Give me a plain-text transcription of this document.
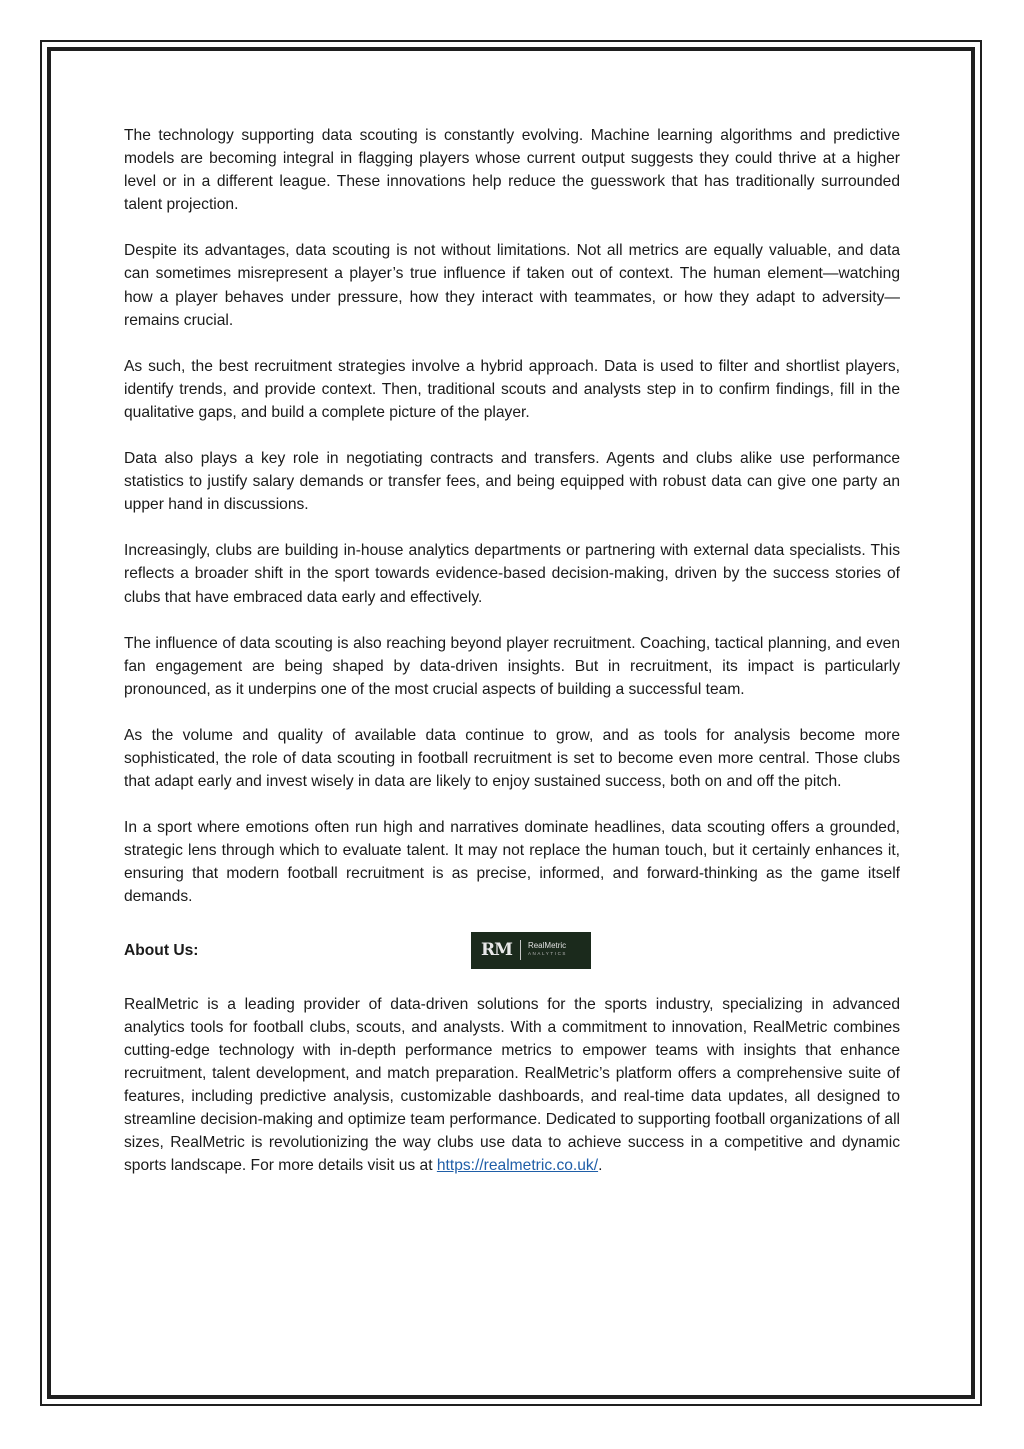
The technology supporting data scouting is constantly evolving. Machine learning algorithms and predictive models are becoming integral in flagging players whose current output suggests they could thrive at a higher level or in a different league. These innovations help reduce the guesswork that has traditionally surrounded talent projection.

Despite its advantages, data scouting is not without limitations. Not all metrics are equally valuable, and data can sometimes misrepresent a player’s true influence if taken out of context. The human element—watching how a player behaves under pressure, how they interact with teammates, or how they adapt to adversity—remains crucial.

As such, the best recruitment strategies involve a hybrid approach. Data is used to filter and shortlist players, identify trends, and provide context. Then, traditional scouts and analysts step in to confirm findings, fill in the qualitative gaps, and build a complete picture of the player.

Data also plays a key role in negotiating contracts and transfers. Agents and clubs alike use performance statistics to justify salary demands or transfer fees, and being equipped with robust data can give one party an upper hand in discussions.

Increasingly, clubs are building in-house analytics departments or partnering with external data specialists. This reflects a broader shift in the sport towards evidence-based decision-making, driven by the success stories of clubs that have embraced data early and effectively.

The influence of data scouting is also reaching beyond player recruitment. Coaching, tactical planning, and even fan engagement are being shaped by data-driven insights. But in recruitment, its impact is particularly pronounced, as it underpins one of the most crucial aspects of building a successful team.

As the volume and quality of available data continue to grow, and as tools for analysis become more sophisticated, the role of data scouting in football recruitment is set to become even more central. Those clubs that adapt early and invest wisely in data are likely to enjoy sustained success, both on and off the pitch.

In a sport where emotions often run high and narratives dominate headlines, data scouting offers a grounded, strategic lens through which to evaluate talent. It may not replace the human touch, but it certainly enhances it, ensuring that modern football recruitment is as precise, informed, and forward-thinking as the game itself demands.

About Us:	RM RealMetric
ANALYTICS

RealMetric is a leading provider of data-driven solutions for the sports industry, specializing in advanced analytics tools for football clubs, scouts, and analysts. With a commitment to innovation, RealMetric combines cutting-edge technology with in-depth performance metrics to empower teams with insights that enhance recruitment, talent development, and match preparation. RealMetric’s platform offers a comprehensive suite of features, including predictive analysis, customizable dashboards, and real-time data updates, all designed to streamline decision-making and optimize team performance. Dedicated to supporting football organizations of all sizes, RealMetric is revolutionizing the way clubs use data to achieve success in a competitive and dynamic sports landscape. For more details visit us at https://realmetric.co.uk/.
